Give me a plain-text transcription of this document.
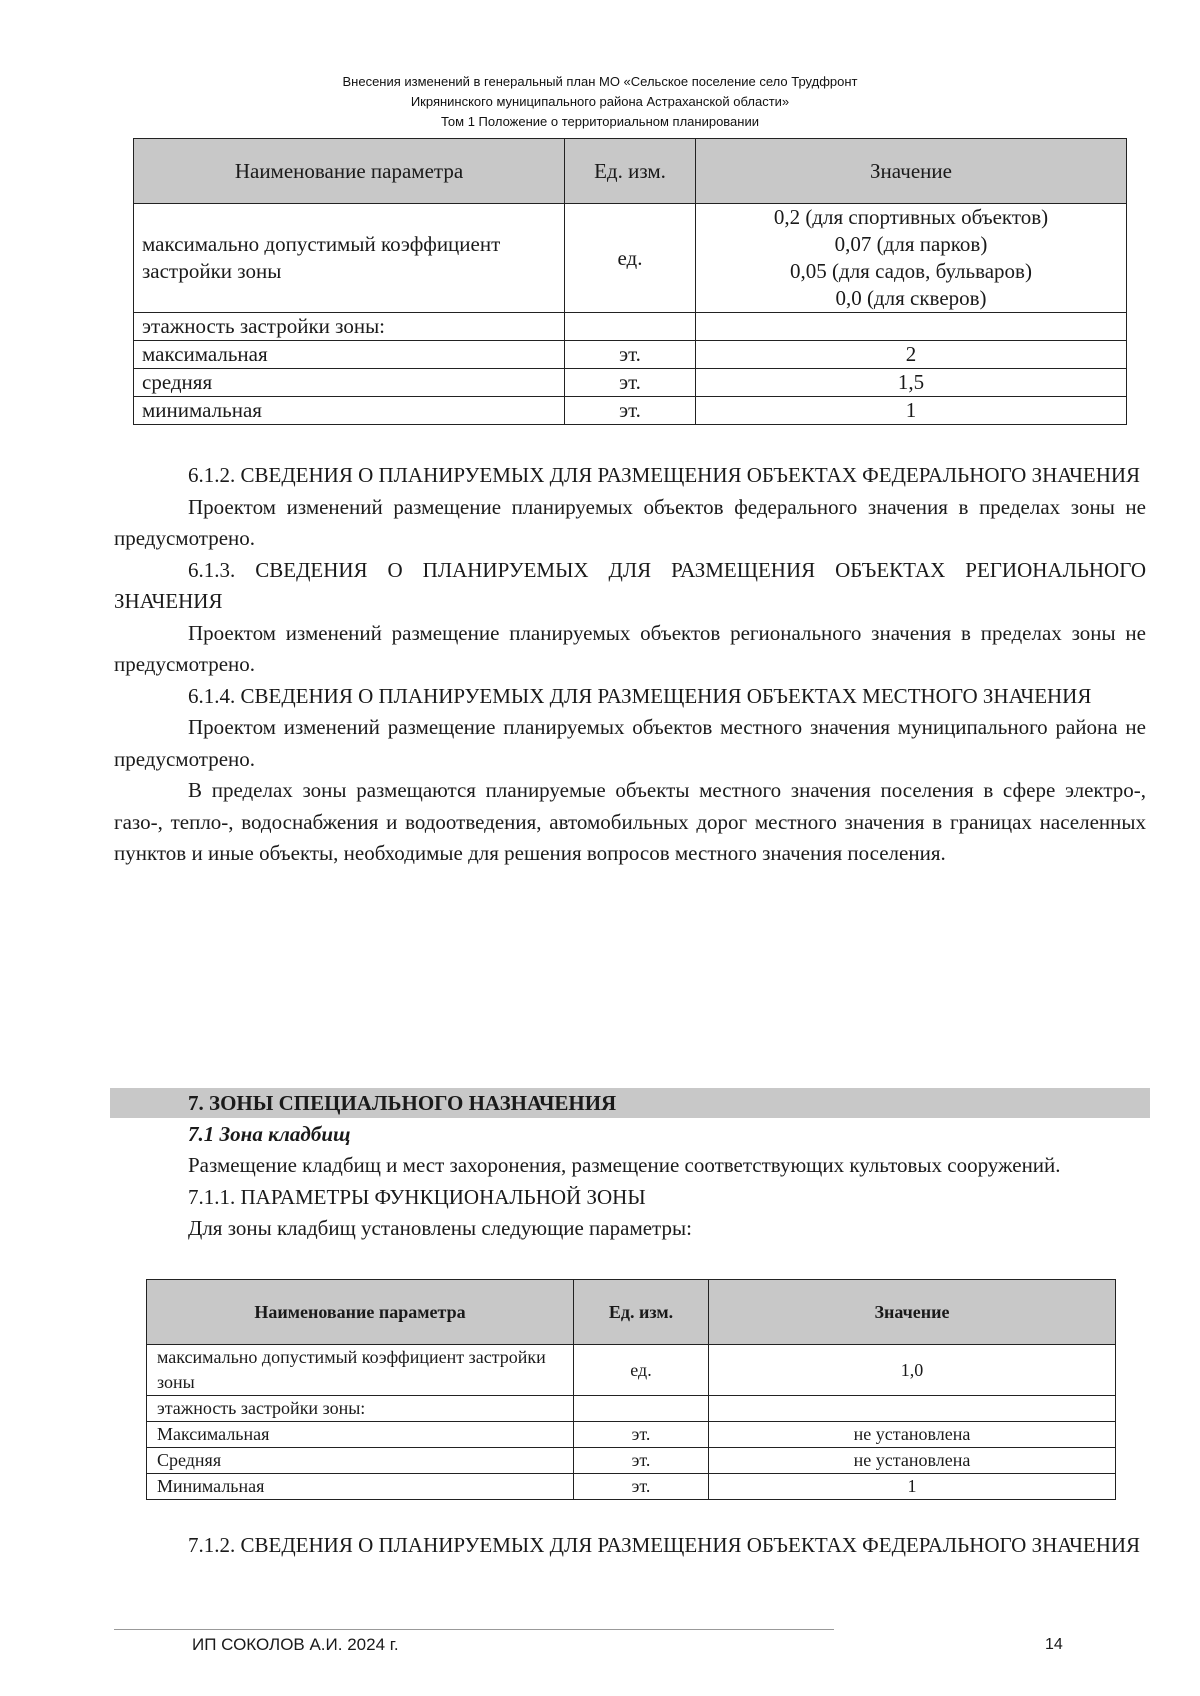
Внесения изменений в генеральный план МО «Сельское поселение село Трудфронт
Икрянинского муниципального района Астраханской области»
Том 1 Положение о территориальном планировании
Наименование параметра	Ед. изм.	Значение
максимально допустимый коэффициент застройки зоны	ед.	0,2 (для спортивных объектов)
0,07 (для парков)
0,05 (для садов, бульваров)
0,0 (для скверов)

этажность застройки зоны:		
максимальная	эт.	2
средняя	эт.	1,5
минимальная	эт.	1

6.1.2. СВЕДЕНИЯ О ПЛАНИРУЕМЫХ ДЛЯ РАЗМЕЩЕНИЯ ОБЪЕКТАХ ФЕДЕРАЛЬНОГО ЗНАЧЕНИЯ

Проектом изменений размещение планируемых объектов федерального значения в пределах зоны не предусмотрено.

6.1.3. СВЕДЕНИЯ О ПЛАНИРУЕМЫХ ДЛЯ РАЗМЕЩЕНИЯ ОБЪЕКТАХ РЕГИОНАЛЬНОГО ЗНАЧЕНИЯ

Проектом изменений размещение планируемых объектов регионального значения в пределах зоны не предусмотрено.

6.1.4. СВЕДЕНИЯ О ПЛАНИРУЕМЫХ ДЛЯ РАЗМЕЩЕНИЯ ОБЪЕКТАХ МЕСТНОГО ЗНАЧЕНИЯ

Проектом изменений размещение планируемых объектов местного значения муниципального района не предусмотрено.

В пределах зоны размещаются планируемые объекты местного значения поселения в сфере электро-, газо-, тепло-, водоснабжения и водоотведения, автомобильных дорог местного значения в границах населенных пунктов и иные объекты, необходимые для решения вопросов местного значения поселения.

7. ЗОНЫ СПЕЦИАЛЬНОГО НАЗНАЧЕНИЯ
7.1 Зона кладбищ

Размещение кладбищ и мест захоронения, размещение соответствующих культовых сооружений.

7.1.1. ПАРАМЕТРЫ ФУНКЦИОНАЛЬНОЙ ЗОНЫ

Для зоны кладбищ установлены следующие параметры:

Наименование параметра	Ед. изм.	Значение
максимально допустимый коэффициент застройки зоны	ед.	1,0
этажность застройки зоны:		
Максимальная	эт.	не установлена
Средняя	эт.	не установлена
Минимальная	эт.	1

7.1.2. СВЕДЕНИЯ О ПЛАНИРУЕМЫХ ДЛЯ РАЗМЕЩЕНИЯ ОБЪЕКТАХ ФЕДЕРАЛЬНОГО ЗНАЧЕНИЯ

ИП СОКОЛОВ А.И. 2024 г.	14
